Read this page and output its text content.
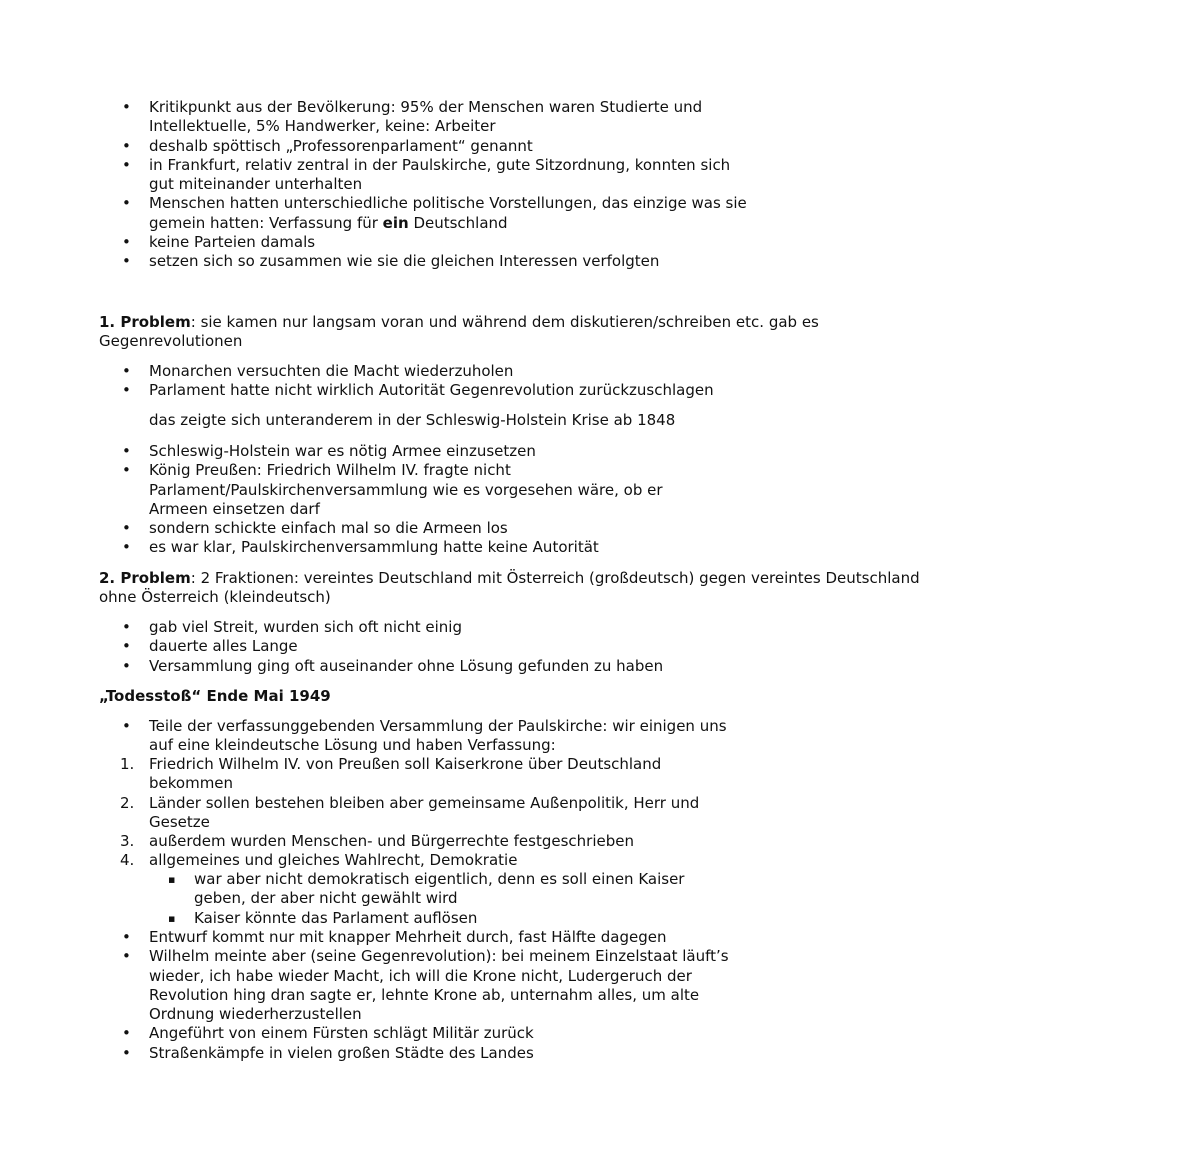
• Kritikpunkt aus der Bevölkerung: 95% der Menschen waren Studierte und Intellektuelle, 5% Handwerker, keine: Arbeiter
• deshalb spöttisch „Professorenparlament“ genannt
• in Frankfurt, relativ zentral in der Paulskirche, gute Sitzordnung, konnten sich gut miteinander unterhalten
• Menschen hatten unterschiedliche politische Vorstellungen, das einzige was sie gemein hatten: Verfassung für ein Deutschland
• keine Parteien damals
• setzen sich so zusammen wie sie die gleichen Interessen verfolgten
1. Problem: sie kamen nur langsam voran und während dem diskutieren/schreiben etc. gab es Gegenrevolutionen
• Monarchen versuchten die Macht wiederzuholen
• Parlament hatte nicht wirklich Autorität Gegenrevolution zurückzuschlagen
das zeigte sich unteranderem in der Schleswig-Holstein Krise ab 1848
• Schleswig-Holstein war es nötig Armee einzusetzen
• König Preußen: Friedrich Wilhelm IV. fragte nicht Parlament/Paulskirchenversammlung wie es vorgesehen wäre, ob er Armeen einsetzen darf
• sondern schickte einfach mal so die Armeen los
• es war klar, Paulskirchenversammlung hatte keine Autorität
2. Problem: 2 Fraktionen: vereintes Deutschland mit Österreich (großdeutsch) gegen vereintes Deutschland ohne Österreich (kleindeutsch)
• gab viel Streit, wurden sich oft nicht einig
• dauerte alles Lange
• Versammlung ging oft auseinander ohne Lösung gefunden zu haben
„Todesstoß“ Ende Mai 1949
• Teile der verfassunggebenden Versammlung der Paulskirche: wir einigen uns auf eine kleindeutsche Lösung und haben Verfassung:
1. Friedrich Wilhelm IV. von Preußen soll Kaiserkrone über Deutschland bekommen
2. Länder sollen bestehen bleiben aber gemeinsame Außenpolitik, Herr und Gesetze
3. außerdem wurden Menschen- und Bürgerrechte festgeschrieben
4. allgemeines und gleiches Wahlrecht, Demokratie
▪ war aber nicht demokratisch eigentlich, denn es soll einen Kaiser geben, der aber nicht gewählt wird
▪ Kaiser könnte das Parlament auflösen
• Entwurf kommt nur mit knapper Mehrheit durch, fast Hälfte dagegen
• Wilhelm meinte aber (seine Gegenrevolution): bei meinem Einzelstaat läuft’s wieder, ich habe wieder Macht, ich will die Krone nicht, Ludergeruch der Revolution hing dran sagte er, lehnte Krone ab, unternahm alles, um alte Ordnung wiederherzustellen
• Angeführt von einem Fürsten schlägt Militär zurück
• Straßenkämpfe in vielen großen Städte des Landes
